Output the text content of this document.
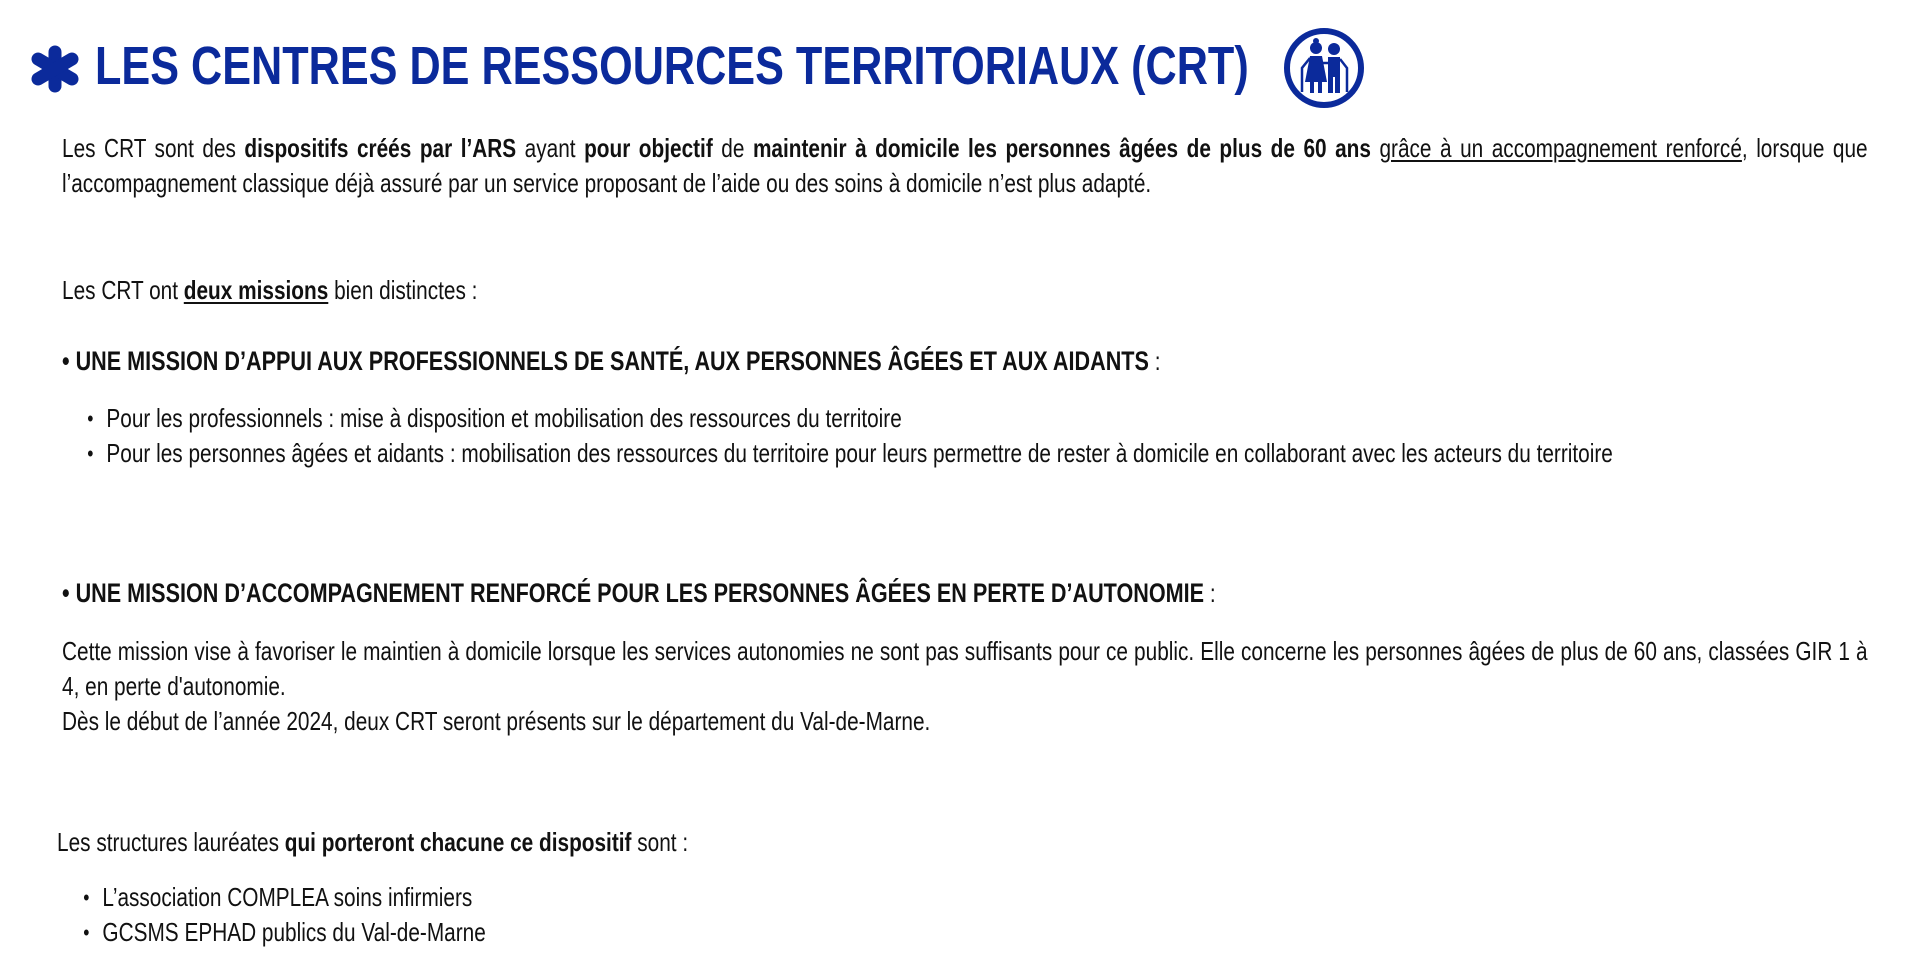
LES CENTRES DE RESSOURCES TERRITORIAUX (CRT)
Les CRT sont des dispositifs créés par l’ARS ayant pour objectif de maintenir à domicile les personnes âgées de plus de 60 ans grâce à un accompagnement renforcé, lorsque que l’accompagnement classique déjà assuré par un service proposant de l’aide ou des soins à domicile n’est plus adapté.
Les CRT ont deux missions bien distinctes :
• UNE MISSION D’APPUI AUX PROFESSIONNELS DE SANTÉ, AUX PERSONNES ÂGÉES ET AUX AIDANTS :
• Pour les professionnels : mise à disposition et mobilisation des ressources du territoire
• Pour les personnes âgées et aidants : mobilisation des ressources du territoire pour leurs permettre de rester à domicile en collaborant avec les acteurs du territoire
• UNE MISSION D’ACCOMPAGNEMENT RENFORCÉ POUR LES PERSONNES ÂGÉES EN PERTE D’AUTONOMIE :
Cette mission vise à favoriser le maintien à domicile lorsque les services autonomies ne sont pas suffisants pour ce public. Elle concerne les personnes âgées de plus de 60 ans, classées GIR 1 à 4, en perte d'autonomie.
Dès le début de l’année 2024, deux CRT seront présents sur le département du Val-de-Marne.
Les structures lauréates qui porteront chacune ce dispositif sont :
• L’association COMPLEA soins infirmiers
• GCSMS EPHAD publics du Val-de-Marne
